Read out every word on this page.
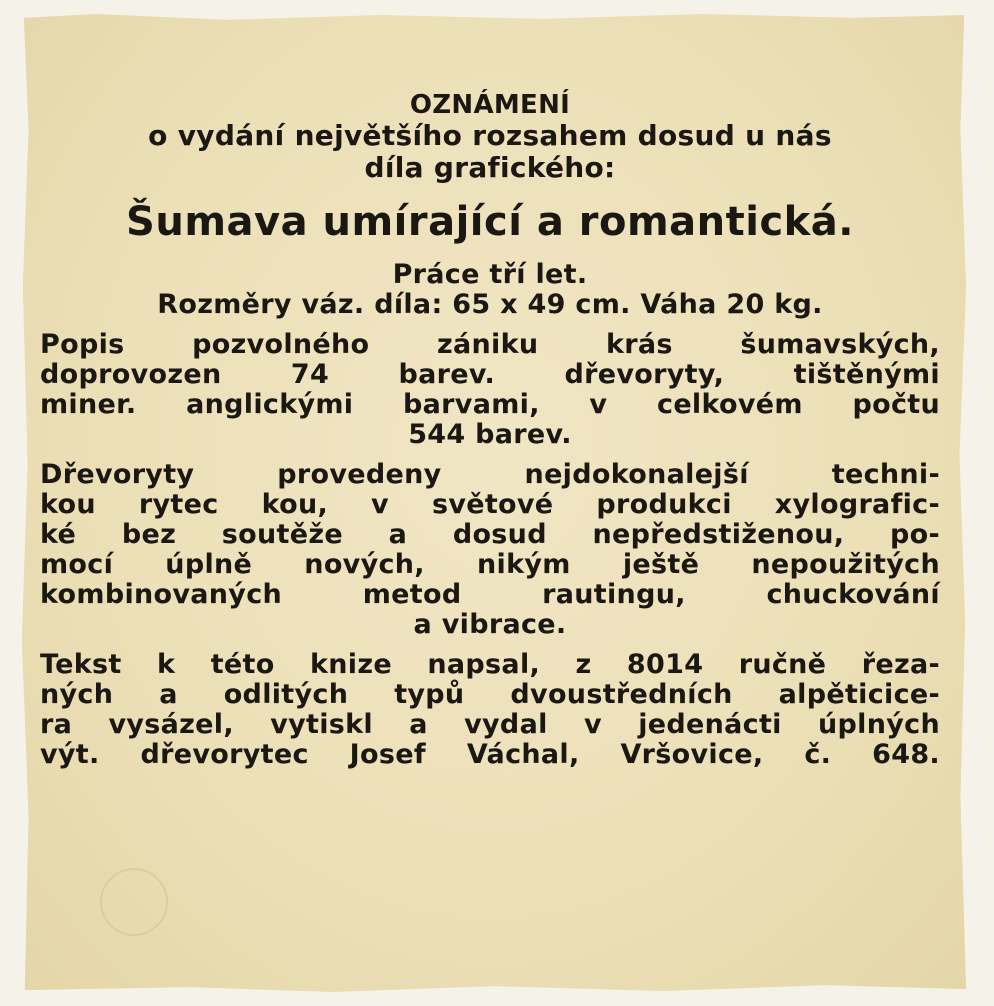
OZNÁMENÍ
o vydání největšího rozsahem dosud u nás
díla grafického:
Šumava umírající a romantická.
Práce tří let.
Rozměry váz. díla: 65 x 49 cm. Váha 20 kg.
Popis pozvolného zániku krás šumavských,
doprovozen 74 barev. dřevoryty, tištěnými
miner. anglickými barvami, v celkovém počtu
544 barev.
Dřevoryty provedeny nejdokonalejší techni-
kou rytec kou, v světové produkci xylografic-
ké bez soutěže a dosud nepředstiženou, po-
mocí úplně nových, nikým ještě nepoužitých
kombinovaných metod rautingu, chuckování
a vibrace.
Tekst k této knize napsal, z 8014 ručně řeza-
ných a odlitých typů dvoustředních alpěticice-
ra vysázel, vytiskl a vydal v jedenácti úplných
výt. dřevorytec Josef Váchal, Vršovice, č. 648.
